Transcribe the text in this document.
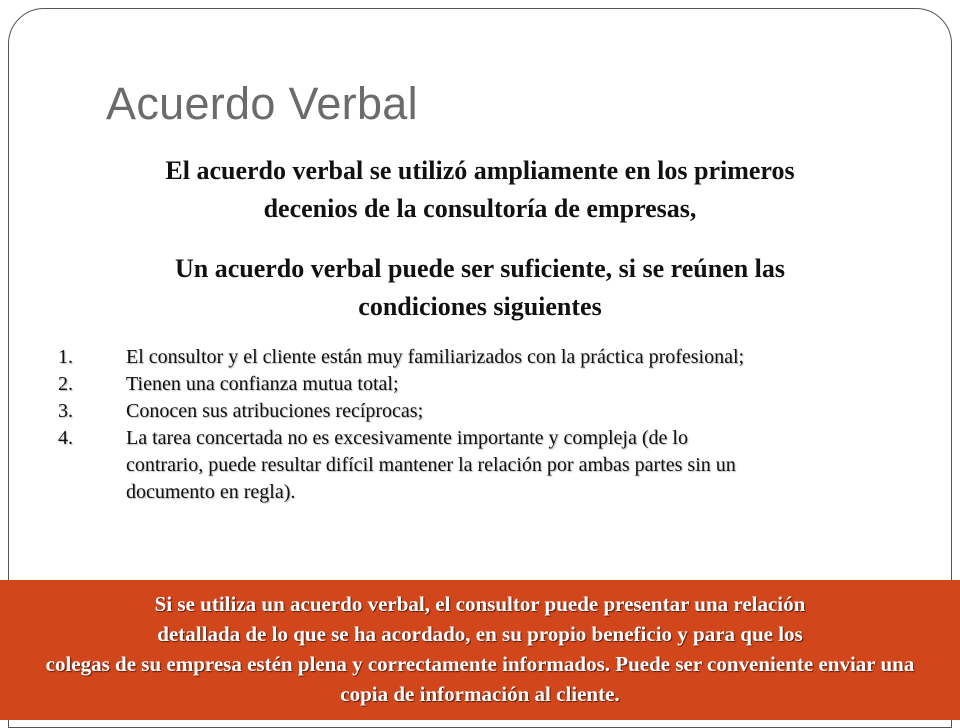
Acuerdo Verbal
El acuerdo verbal se utilizó ampliamente en los primeros
decenios de la consultoría de empresas,
Un acuerdo verbal puede ser suficiente, si se reúnen las
condiciones siguientes
1.	El consultor y el cliente están muy familiarizados con la práctica profesional;
2.	Tienen una confianza mutua total;
3.	Conocen sus atribuciones recíprocas;
4.	La tarea concertada no es excesivamente importante y compleja (de lo
contrario, puede resultar difícil mantener la relación por ambas partes sin un
documento en regla).
Si se utiliza un acuerdo verbal, el consultor puede presentar una relación
detallada de lo que se ha acordado, en su propio beneficio y para que los
colegas de su empresa estén plena y correctamente informados. Puede ser conveniente enviar una
copia de información al cliente.
